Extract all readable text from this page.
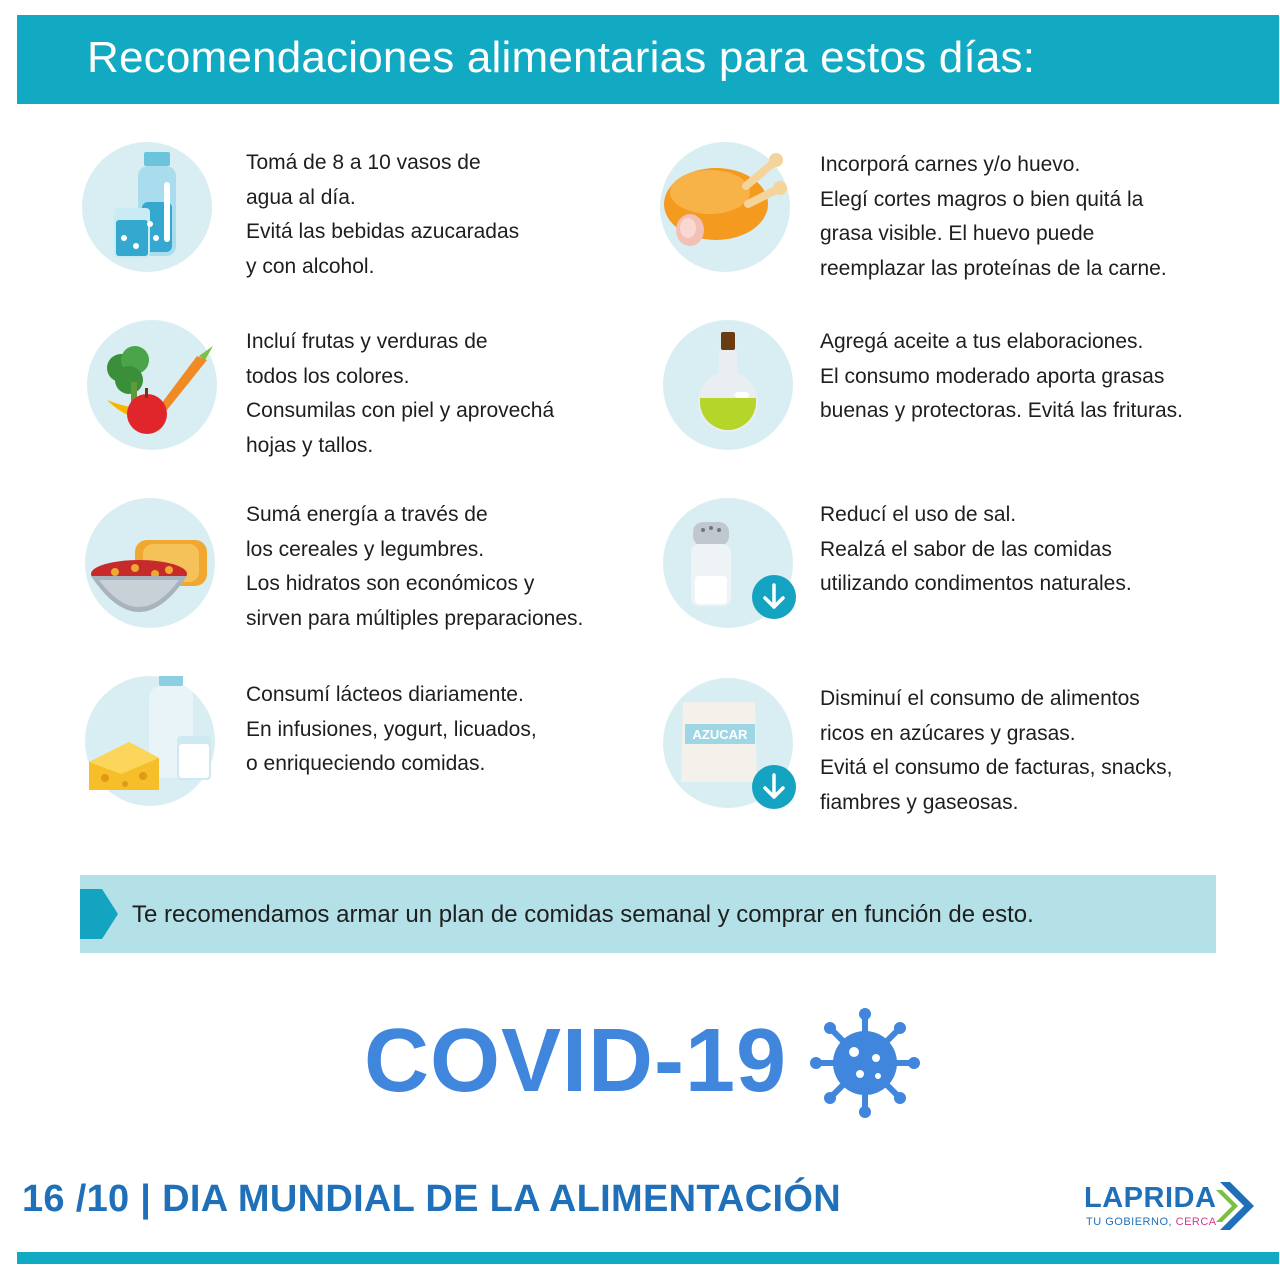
Recomendaciones alimentarias para estos días:
Tomá de 8 a 10 vasos de
agua al día.
Evitá las bebidas azucaradas
y con alcohol.
Incluí frutas y verduras de
todos los colores.
Consumilas con piel y aprovechá
hojas y tallos.
Sumá energía a través de
los cereales y legumbres.
Los hidratos son económicos y
sirven para múltiples preparaciones.
Consumí lácteos diariamente.
En infusiones, yogurt, licuados,
o enriqueciendo comidas.
Incorporá carnes y/o huevo.
Elegí cortes magros o bien quitá la
grasa visible. El huevo puede
reemplazar las proteínas de la carne.
Agregá aceite a tus elaboraciones.
El consumo moderado aporta grasas
buenas y protectoras. Evitá las frituras.
Reducí el uso de sal.
Realzá el sabor de las comidas
utilizando condimentos naturales.
AZUCAR
Disminuí el consumo de alimentos
ricos en azúcares y grasas.
Evitá el consumo de facturas, snacks,
fiambres y gaseosas.
Te recomendamos armar un plan de comidas semanal y comprar en función de esto.
COVID-19
16 /10 | DIA MUNDIAL DE LA ALIMENTACIÓN	LAPRIDA
TU GOBIERNO, CERCA
